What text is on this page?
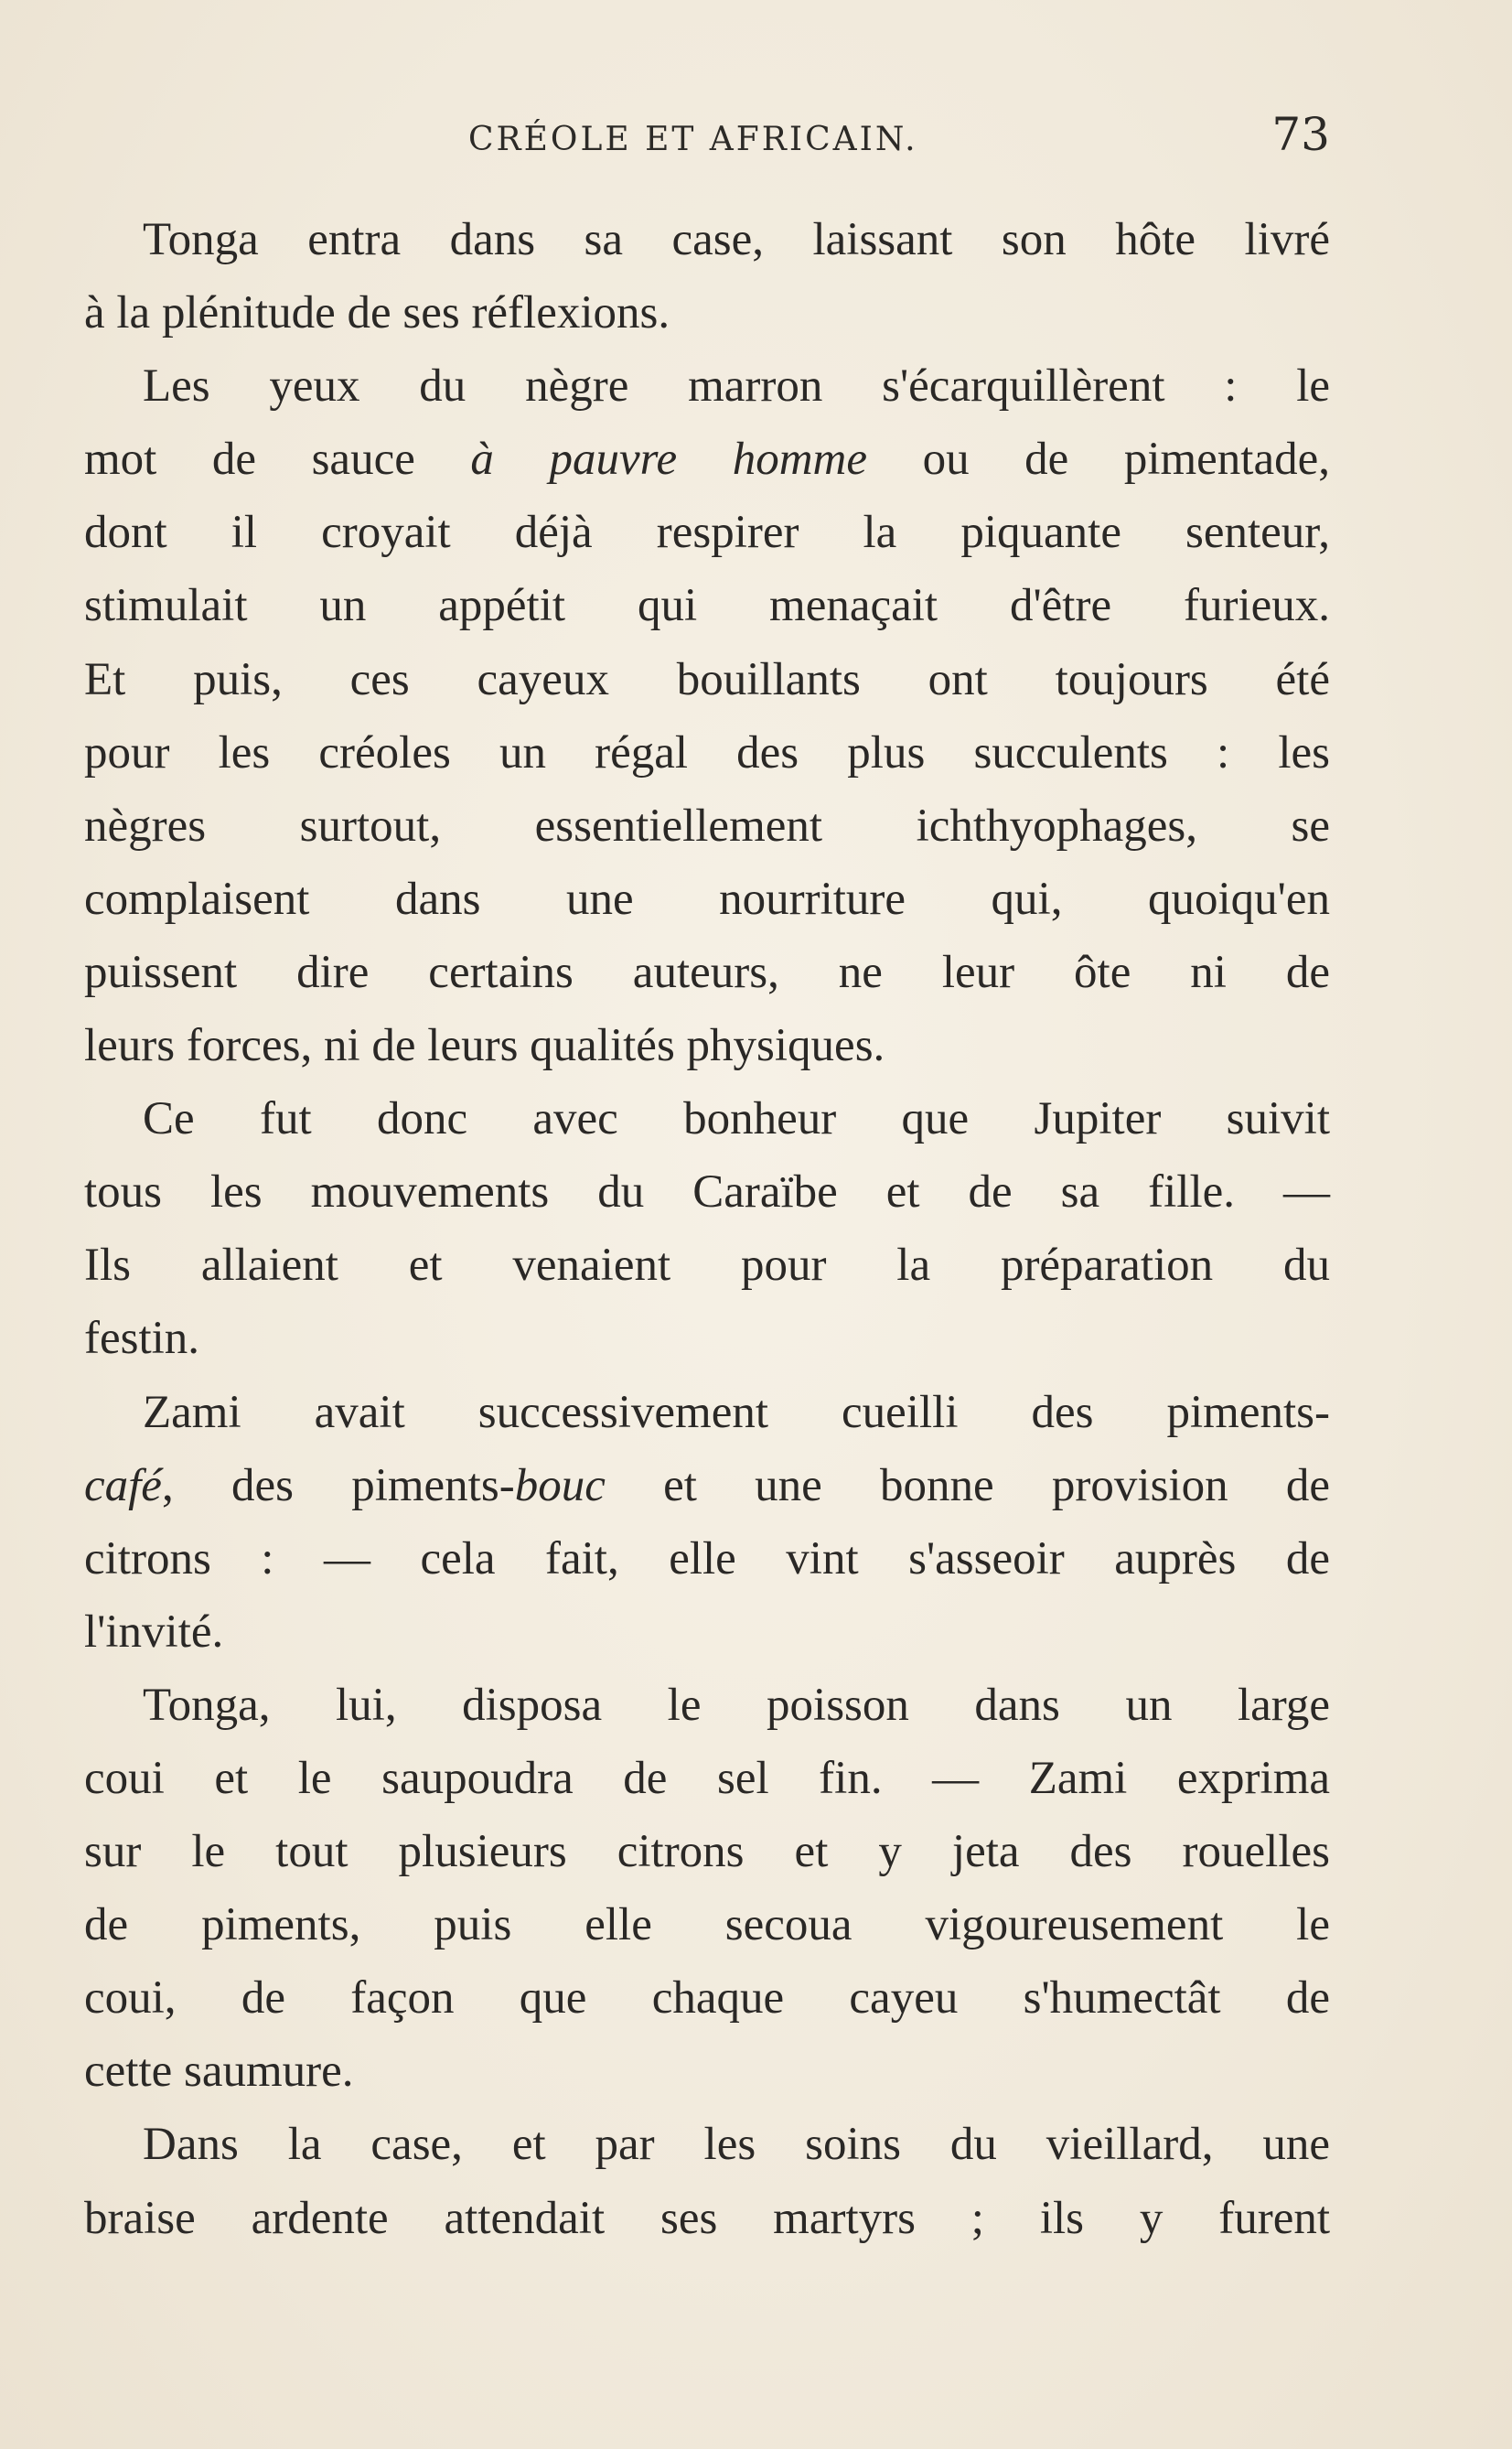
CRÉOLE ET AFRICAIN.	73
Tonga entra dans sa case, laissant son hôte livré
à la plénitude de ses réflexions.
Les yeux du nègre marron s'écarquillèrent : le
mot de sauce à pauvre homme ou de pimentade,
dont il croyait déjà respirer la piquante senteur,
stimulait un appétit qui menaçait d'être furieux.
Et puis, ces cayeux bouillants ont toujours été
pour les créoles un régal des plus succulents : les
nègres surtout, essentiellement ichthyophages, se
complaisent dans une nourriture qui, quoiqu'en
puissent dire certains auteurs, ne leur ôte ni de
leurs forces, ni de leurs qualités physiques.
Ce fut donc avec bonheur que Jupiter suivit
tous les mouvements du Caraïbe et de sa fille. —
Ils allaient et venaient pour la préparation du
festin.
Zami avait successivement cueilli des piments-
café, des piments-bouc et une bonne provision de
citrons : — cela fait, elle vint s'asseoir auprès de
l'invité.
Tonga, lui, disposa le poisson dans un large
coui et le saupoudra de sel fin. — Zami exprima
sur le tout plusieurs citrons et y jeta des rouelles
de piments, puis elle secoua vigoureusement le
coui, de façon que chaque cayeu s'humectât de
cette saumure.
Dans la case, et par les soins du vieillard, une
braise ardente attendait ses martyrs ; ils y furent
